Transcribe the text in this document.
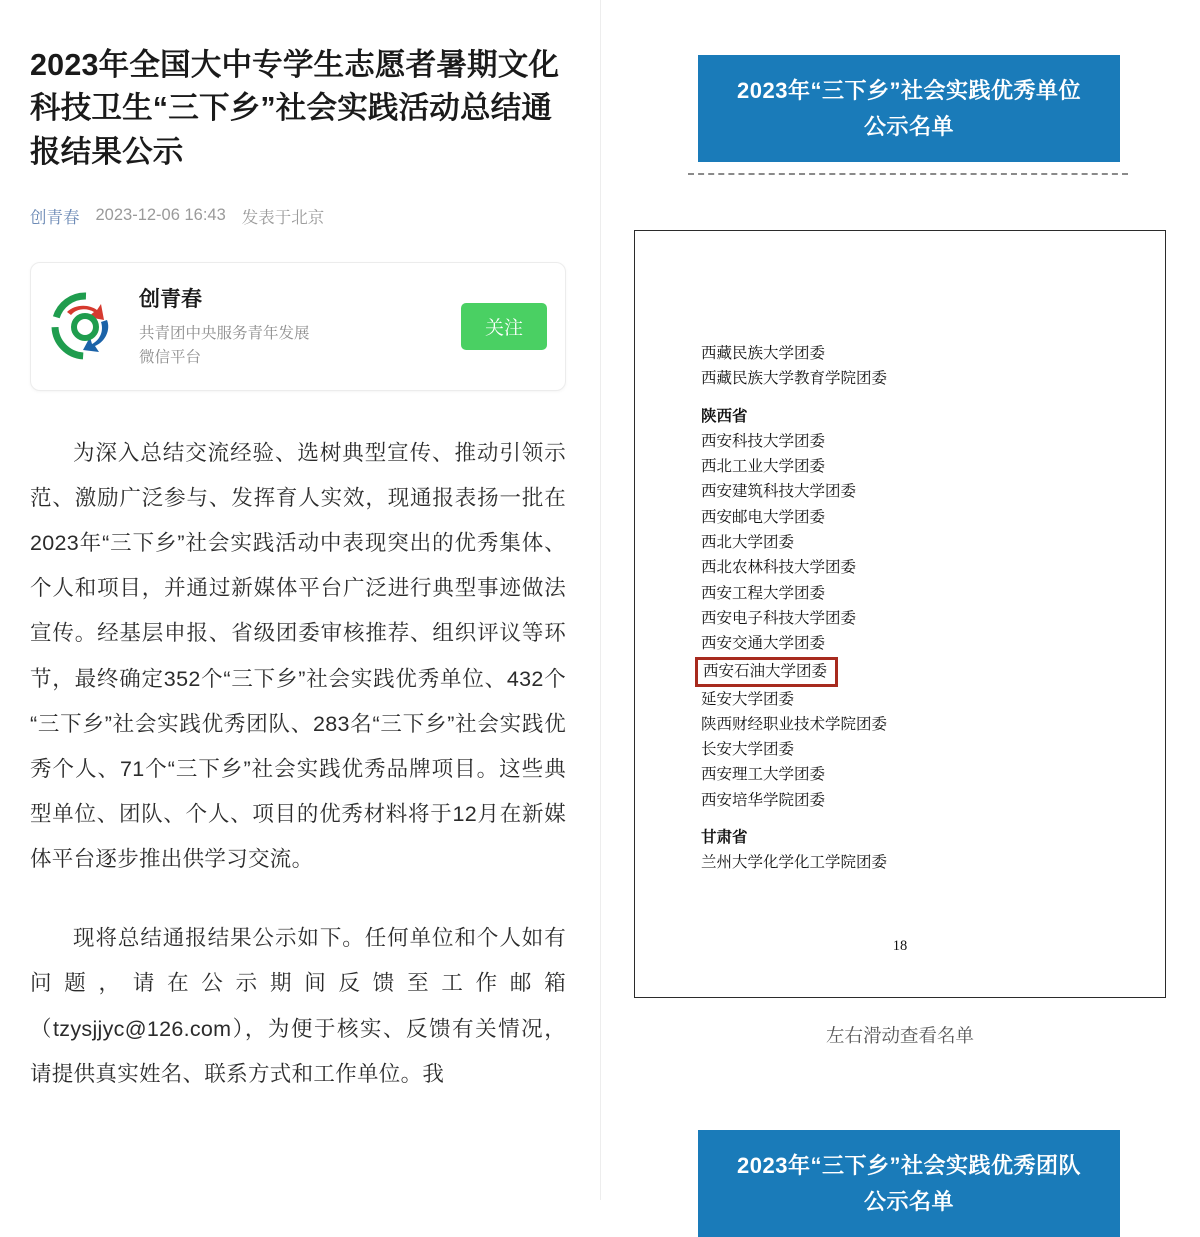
2023年全国大中专学生志愿者暑期文化科技卫生“三下乡”社会实践活动总结通报结果公示
创青春 2023-12-06 16:43 发表于北京
创青春
共青团中央服务青年发展
微信平台
关注

为深入总结交流经验、选树典型宣传、推动引领示范、激励广泛参与、发挥育人实效，现通报表扬一批在2023年“三下乡”社会实践活动中表现突出的优秀集体、个人和项目，并通过新媒体平台广泛进行典型事迹做法宣传。经基层申报、省级团委审核推荐、组织评议等环节，最终确定352个“三下乡”社会实践优秀单位、432个“三下乡”社会实践优秀团队、283名“三下乡”社会实践优秀个人、71个“三下乡”社会实践优秀品牌项目。这些典型单位、团队、个人、项目的优秀材料将于12月在新媒体平台逐步推出供学习交流。

现将总结通报结果公示如下。任何单位和个人如有问题，请在公示期间反馈至工作邮箱（tzysjjyc@126.com），为便于核实、反馈有关情况，请提供真实姓名、联系方式和工作单位。我

2023年“三下乡”社会实践优秀单位
公示名单
西藏民族大学团委
西藏民族大学教育学院团委
陕西省
西安科技大学团委
西北工业大学团委
西安建筑科技大学团委
西安邮电大学团委
西北大学团委
西北农林科技大学团委
西安工程大学团委
西安电子科技大学团委
西安交通大学团委
西安石油大学团委
延安大学团委
陕西财经职业技术学院团委
长安大学团委
西安理工大学团委
西安培华学院团委
甘肃省
兰州大学化学化工学院团委
18
左右滑动查看名单
2023年“三下乡”社会实践优秀团队
公示名单
